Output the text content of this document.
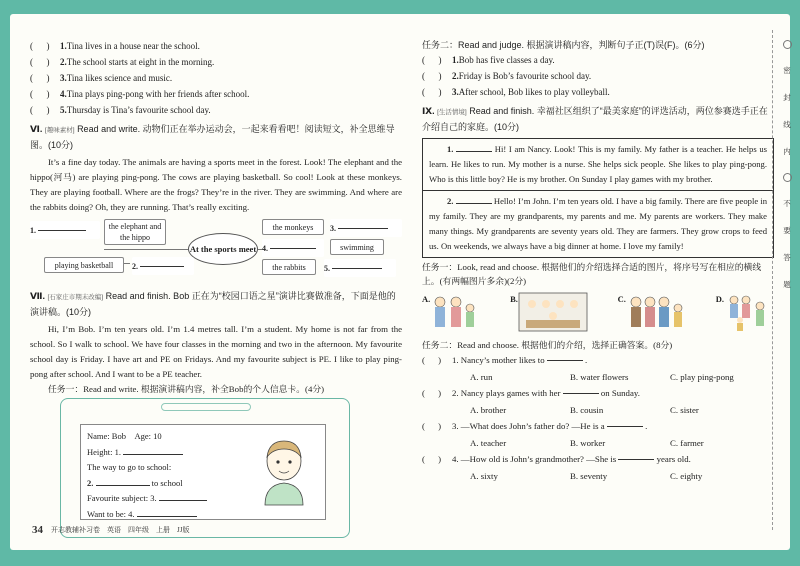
( )	1. Tina lives in a house near the school.
( )	2. The school starts at eight in the morning.
( )	3. Tina likes science and music.
( )	4. Tina plays ping-pong with her friends after school.
( )	5. Thursday is Tina’s favourite school day.
Ⅵ. [趣味素材] Read and write. 动物们正在举办运动会，一起来看看吧！阅读短文，补全思维导图。(10分)
It’s a fine day today. The animals are having a sports meet in the forest. Look! The elephant and the hippo(河马) are playing ping-pong. The cows are playing basketball. So cool! Look at these monkeys. They are playing football. Where are the frogs? They’re in the river. They are swimming. And where are the rabbits doing? Oh, they are running. That’s really exciting.
1.
	the elephant and the hippo
At the sports meet
the monkeys	3.

swimming
4.

playing basketball	2.
	the rabbits	5.

Ⅶ. [石家庄市期末改编] Read and finish. Bob 正在为“校园口语之星”演讲比赛做准备，下面是他的演讲稿。(10分)
Hi, I’m Bob. I’m ten years old. I’m 1.4 metres tall. I’m a student. My home is not far from the school. So I walk to school. We have four classes in the morning and two in the afternoon. My favourite school day is Friday. I have art and PE on Fridays. And my favourite subject is PE. I like to play ping-pong after school. And I want to be a PE teacher.
任务一：Read and write. 根据演讲稿内容，补全Bob的个人信息卡。(4分)
Name: Bob Age: 10
Height: 1.
The way to go to school:
2.	to school
Favourite subject: 3.
Want to be: 4.
任务二：Read and judge. 根据演讲稿内容，判断句子正(T)误(F)。(6分)
( )	1. Bob has five classes a day.
( )	2. Friday is Bob’s favourite school day.
( )	3. After school, Bob likes to play volleyball.
Ⅸ. [生活情境] Read and finish. 幸福社区组织了“最美家庭”的评选活动，两位参赛选手正在介绍自己的家庭。(10分)
1.	Hi! I am Nancy. Look! This is my family. My father is a teacher. He helps us learn. He likes to run. My mother is a nurse. She helps sick people. She likes to play ping-pong. Who is this little boy? He is my brother. On Sunday I play games with my brother.
2.	Hello! I’m John. I’m ten years old. I have a big family. There are five people in my family. They are my grandparents, my parents and me. My parents are workers. They make many things. My grandparents are seventy years old. They are farmers. They grow crops to feed us. On weekends, we always have a big dinner at home. I love my family!
任务一：Look, read and choose. 根据他们的介绍选择合适的图片，将序号写在相应的横线上。(有两幅图片多余)(2分)
A.	B.	C.	D.
任务二：Read and choose. 根据他们的介绍，选择正确答案。(8分)
( )	1. Nancy’s mother likes to

	.
A. run	B. water flowers	C. play ping-pong
( )	2. Nancy plays games with her

	on Sunday.
A. brother	B. cousin	C. sister
( )	3. —What does John’s father do? —He is a

	.
A. teacher	B. worker	C. farmer
( )	4. —How old is John’s grandmother? —She is

	years old.
A. sixty	B. seventy	C. eighty
密
封
线
内
不
要
答
题
34 开志教辅补习卷　英语　四年级　上册　JJ版
